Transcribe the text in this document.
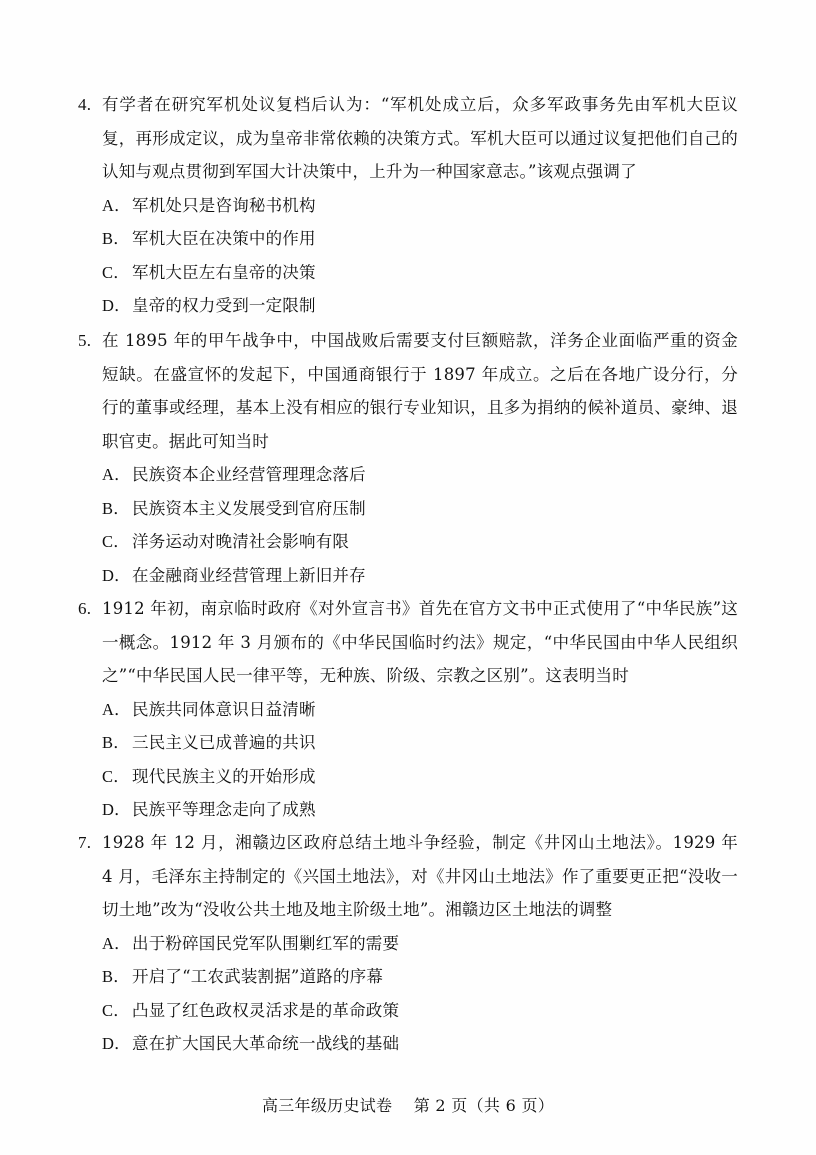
4. 有学者在研究军机处议复档后认为：“军机处成立后，众多军政事务先由军机大臣议复，再形成定议，成为皇帝非常依赖的决策方式。军机大臣可以通过议复把他们自己的认知与观点贯彻到军国大计决策中，上升为一种国家意志。”该观点强调了
A． 军机处只是咨询秘书机构
B． 军机大臣在决策中的作用
C． 军机大臣左右皇帝的决策
D． 皇帝的权力受到一定限制
5. 在 1895 年的甲午战争中，中国战败后需要支付巨额赔款，洋务企业面临严重的资金短缺。在盛宣怀的发起下，中国通商银行于 1897 年成立。之后在各地广设分行，分行的董事或经理，基本上没有相应的银行专业知识，且多为捐纳的候补道员、豪绅、退职官吏。据此可知当时
A． 民族资本企业经营管理理念落后
B． 民族资本主义发展受到官府压制
C． 洋务运动对晚清社会影响有限
D． 在金融商业经营管理上新旧并存
6. 1912 年初，南京临时政府《对外宣言书》首先在官方文书中正式使用了“中华民族”这一概念。1912 年 3 月颁布的《中华民国临时约法》规定，“中华民国由中华人民组织之”“中华民国人民一律平等，无种族、阶级、宗教之区别”。这表明当时
A． 民族共同体意识日益清晰
B． 三民主义已成普遍的共识
C． 现代民族主义的开始形成
D． 民族平等理念走向了成熟
7. 1928 年 12 月，湘赣边区政府总结土地斗争经验，制定《井冈山土地法》。1929 年 4 月，毛泽东主持制定的《兴国土地法》，对《井冈山土地法》作了重要更正把“没收一切土地”改为“没收公共土地及地主阶级土地”。湘赣边区土地法的调整
A． 出于粉碎国民党军队围剿红军的需要
B． 开启了“工农武装割据”道路的序幕
C． 凸显了红色政权灵活求是的革命政策
D． 意在扩大国民大革命统一战线的基础
高三年级历史试卷 第 2 页（共 6 页）
